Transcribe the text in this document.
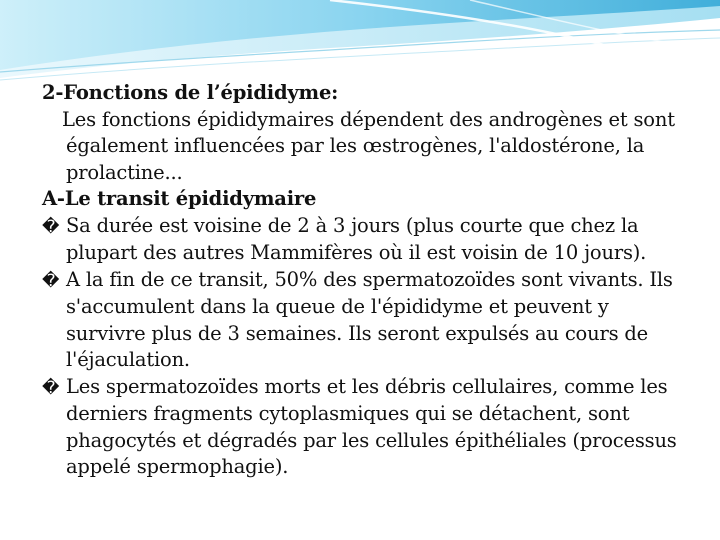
2-Fonctions de l’épididyme:

Les fonctions épididymaires dépendent des androgènes et sont également influencées par les œstrogènes, l'aldostérone, la prolactine...

A-Le transit épididymaire

� Sa durée est voisine de 2 à 3 jours (plus courte que chez la plupart des autres Mammifères où il est voisin de 10 jours).

� A la fin de ce transit, 50% des spermatozoïdes sont vivants. Ils s'accumulent dans la queue de l'épididyme et peuvent y survivre plus de 3 semaines. Ils seront expulsés au cours de l'éjaculation.

� Les spermatozoïdes morts et les débris cellulaires, comme les derniers fragments cytoplasmiques qui se détachent, sont phagocytés et dégradés par les cellules épithéliales (processus appelé spermophagie).
